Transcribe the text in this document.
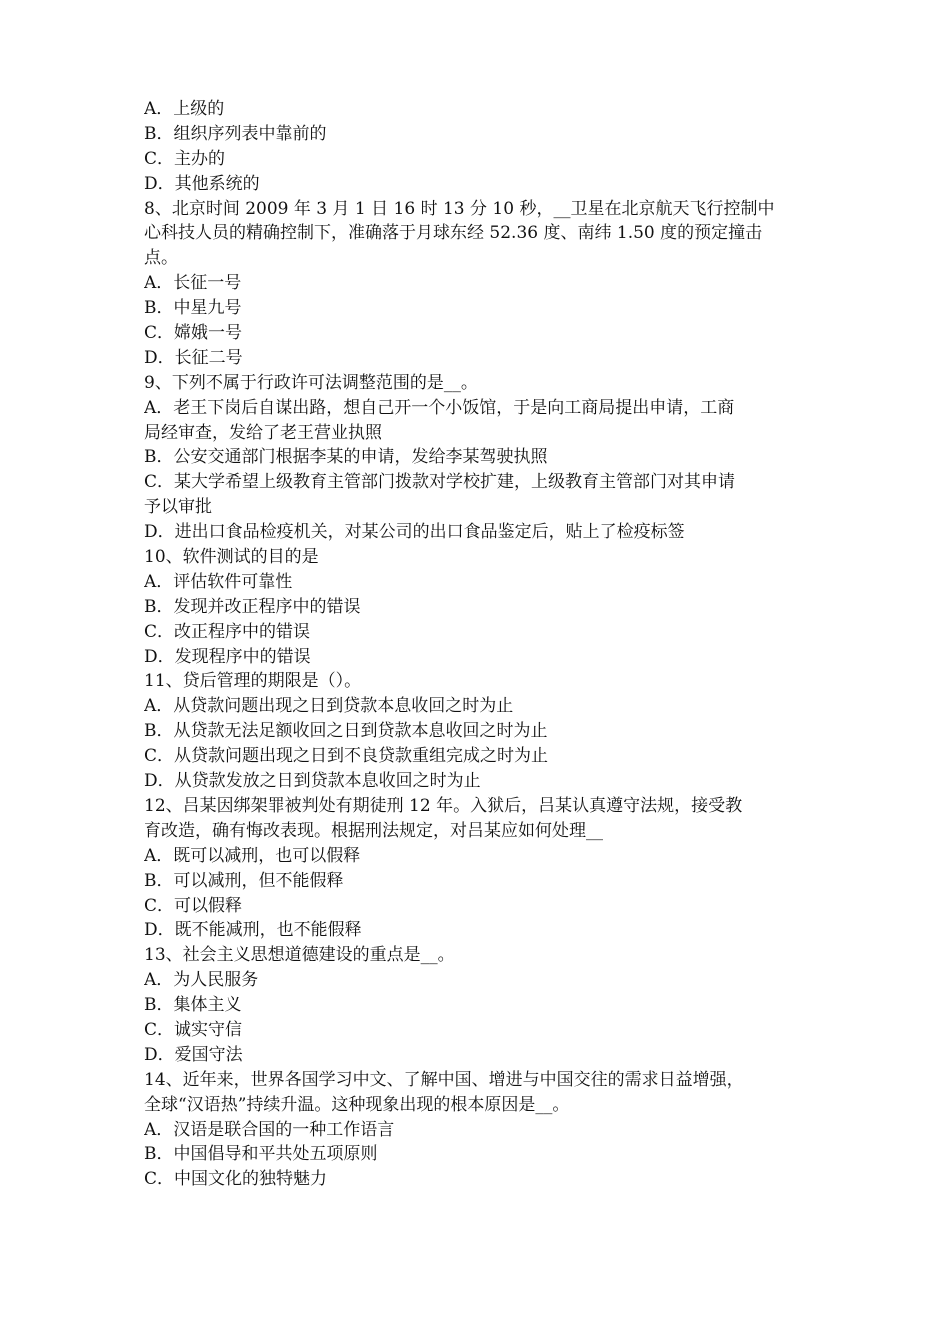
A．上级的
B．组织序列表中靠前的
C．主办的
D．其他系统的
8、北京时间 2009 年 3 月 1 日 16 时 13 分 10 秒，__卫星在北京航天飞行控制中
心科技人员的精确控制下，准确落于月球东经 52.36 度、南纬 1.50 度的预定撞击
点。
A．长征一号
B．中星九号
C．嫦娥一号
D．长征二号
9、下列不属于行政许可法调整范围的是__。
A．老王下岗后自谋出路，想自己开一个小饭馆，于是向工商局提出申请，工商
局经审查，发给了老王营业执照
B．公安交通部门根据李某的申请，发给李某驾驶执照
C．某大学希望上级教育主管部门拨款对学校扩建，上级教育主管部门对其申请
予以审批
D．进出口食品检疫机关，对某公司的出口食品鉴定后，贴上了检疫标签
10、软件测试的目的是
A．评估软件可靠性
B．发现并改正程序中的错误
C．改正程序中的错误
D．发现程序中的错误
11、贷后管理的期限是（）。
A．从贷款问题出现之日到贷款本息收回之时为止
B．从贷款无法足额收回之日到贷款本息收回之时为止
C．从贷款问题出现之日到不良贷款重组完成之时为止
D．从贷款发放之日到贷款本息收回之时为止
12、吕某因绑架罪被判处有期徒刑 12 年。入狱后，吕某认真遵守法规，接受教
育改造，确有悔改表现。根据刑法规定，对吕某应如何处理__
A．既可以减刑，也可以假释
B．可以减刑，但不能假释
C．可以假释
D．既不能减刑，也不能假释
13、社会主义思想道德建设的重点是__。
A．为人民服务
B．集体主义
C．诚实守信
D．爱国守法
14、近年来，世界各国学习中文、了解中国、增进与中国交往的需求日益增强，
全球“汉语热”持续升温。这种现象出现的根本原因是__。
A．汉语是联合国的一种工作语言
B．中国倡导和平共处五项原则
C．中国文化的独特魅力
